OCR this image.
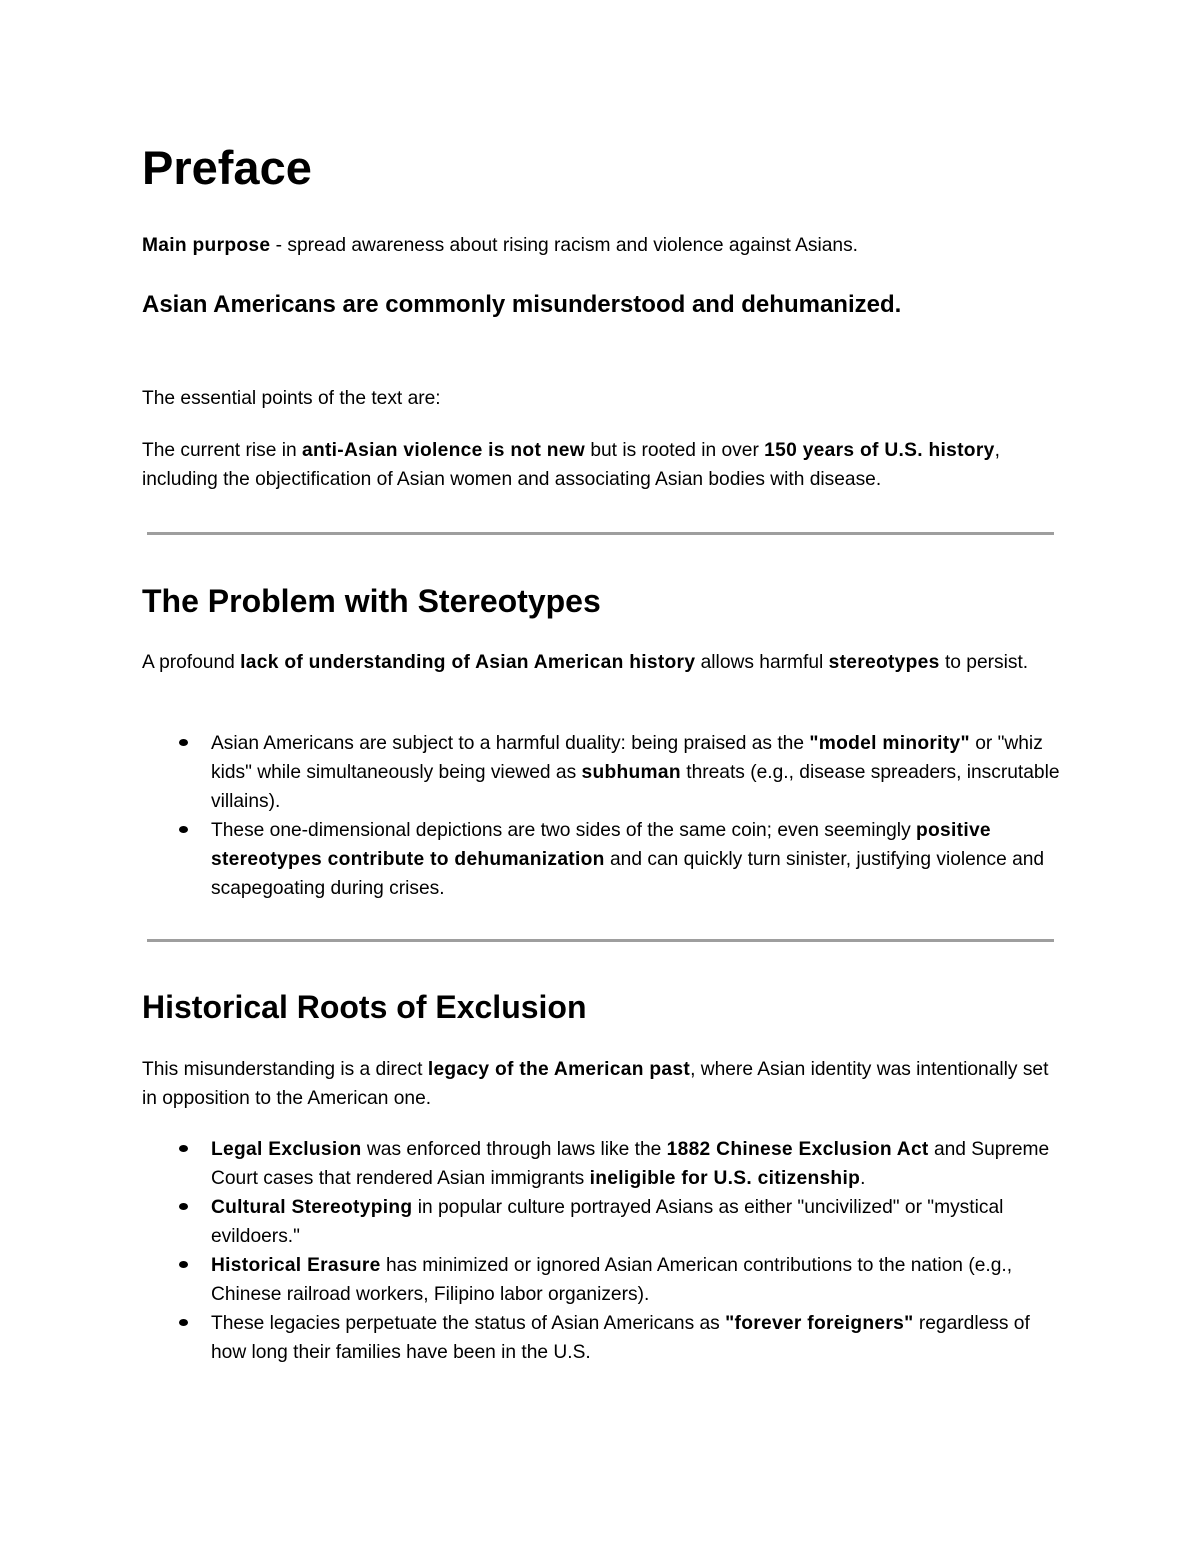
Preface

Main purpose - spread awareness about rising racism and violence against Asians.

Asian Americans are commonly misunderstood and dehumanized.

The essential points of the text are:

The current rise in anti-Asian violence is not new but is rooted in over 150 years of U.S. history, including the objectification of Asian women and associating Asian bodies with disease.

The Problem with Stereotypes

A profound lack of understanding of Asian American history allows harmful stereotypes to persist.

Asian Americans are subject to a harmful duality: being praised as the "model minority" or "whiz kids" while simultaneously being viewed as subhuman threats (e.g., disease spreaders, inscrutable villains).
These one-dimensional depictions are two sides of the same coin; even seemingly positive stereotypes contribute to dehumanization and can quickly turn sinister, justifying violence and scapegoating during crises.
Historical Roots of Exclusion

This misunderstanding is a direct legacy of the American past, where Asian identity was intentionally set in opposition to the American one.

Legal Exclusion was enforced through laws like the 1882 Chinese Exclusion Act and Supreme Court cases that rendered Asian immigrants ineligible for U.S. citizenship.
Cultural Stereotyping in popular culture portrayed Asians as either "uncivilized" or "mystical evildoers."
Historical Erasure has minimized or ignored Asian American contributions to the nation (e.g., Chinese railroad workers, Filipino labor organizers).
These legacies perpetuate the status of Asian Americans as "forever foreigners" regardless of how long their families have been in the U.S.
